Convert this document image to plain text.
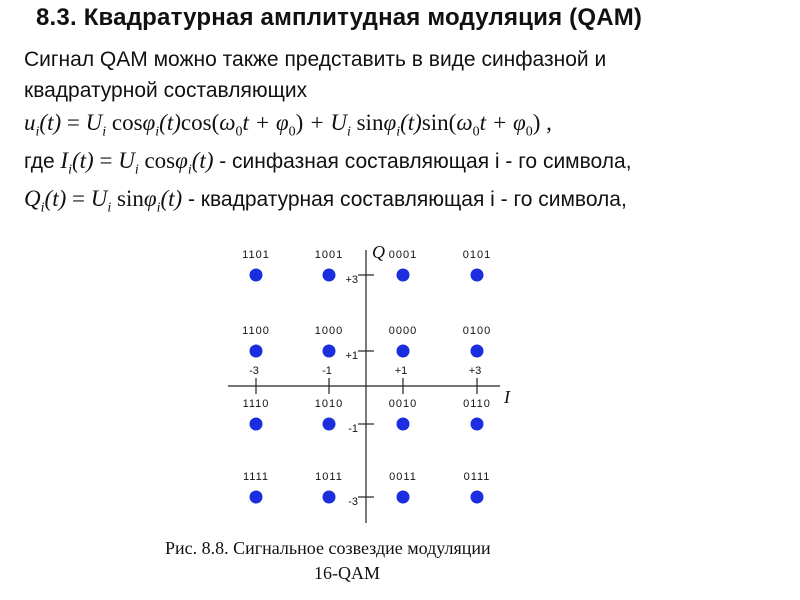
8.3. Квадратурная амплитудная модуляция (QAM)
Сигнал QAM можно также представить в виде синфазной и
квадратурной составляющих
$u_i(t) = U_i$ $\cos\varphi_i(t)\cos(\omega_0t + \varphi_0) + U_i$ $\sin\varphi_i(t)\sin(\omega_0t + \varphi_0)$ ,
где $I_i(t) = U_i$ cosφ$_i$(t) - синфазная составляющая i - го символа,
$Q_i(t) = U_i$ sinφ$_i$(t) - квадратурная составляющая i - го символа,
I
Q
-3	-1	+1	+3
+3
+1
-1
-3
1101	1001	0001	0101
1100	1000	0000	0100
1110	1010	0010	0110
1111	1011	0011	0111
Рис. 8.8. Сигнальное созвездие модуляции
16-QAM
